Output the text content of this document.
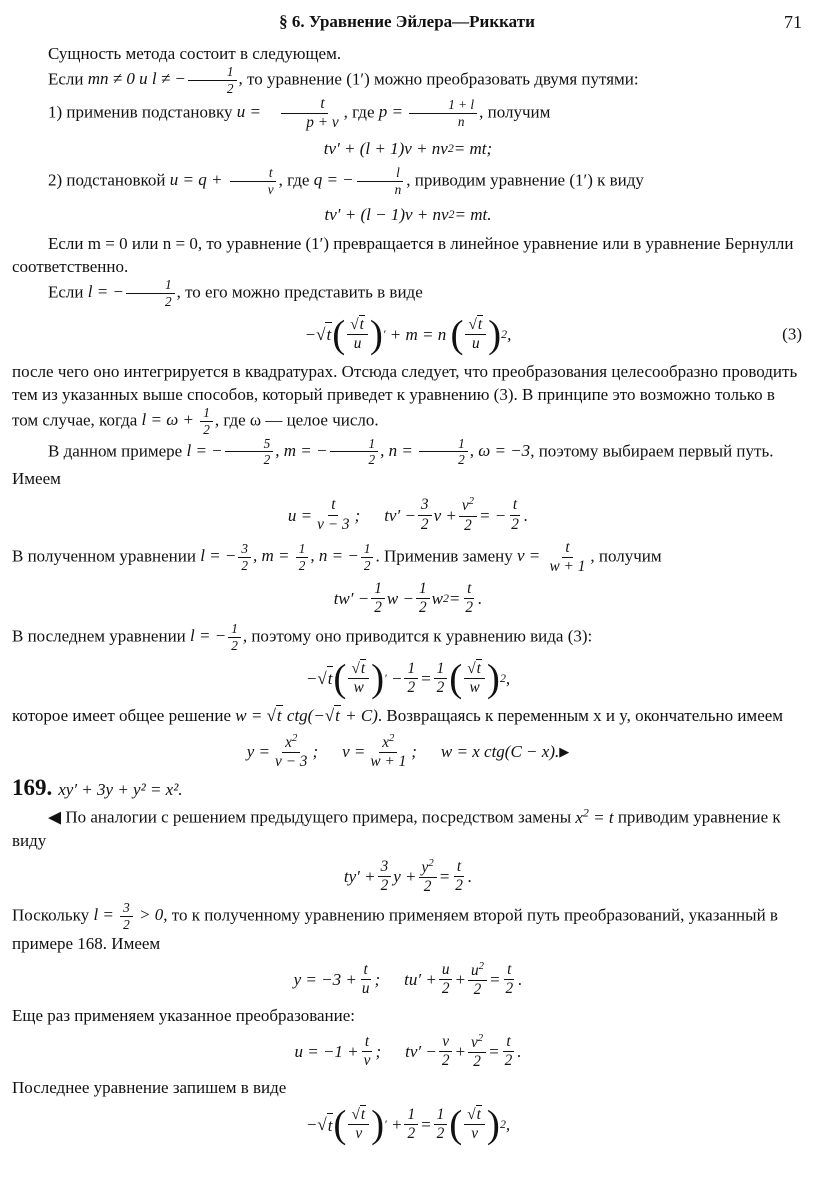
§ 6. Уравнение Эйлера—Риккати	71

Сущность метода состоит в следующем.

Если mn ≠ 0 и l ≠ − $\frac{1}{2}$ , то уравнение (1′) можно преобразовать двумя путями:

1) применив подстановку $u = \frac{t}{p + v}$ , где $p = \frac{1 + l}{n}$ , получим

tv′ + (l + 1)v + nv 2 = mt;

2) подстановкой $u = q + \frac{t}{v}$ , где q = − $\frac{l}{n}$ , приводим уравнение (1′) к виду

tv′ + (l − 1)v + nv 2 = mt.

Если m = 0 или n = 0, то уравнение (1′) превращается в линейное уравнение или в уравнение Бернулли соответственно.

Если l = − $\frac{1}{2}$ , то его можно представить в виде

− √ t ( $\frac{√t}{u}$ ) ′ + m = n ( $\frac{√t}{u}$ ) 2 ,	(3)

после чего оно интегрируется в квадратурах. Отсюда следует, что преобразования целесообразно проводить тем из указанных выше способов, который приведет к уравнению (3). В принципе это возможно только в том случае, когда $l = \omega + \frac{1}{2}$ , где ω — целое число.

В данном примере l = − $\frac{5}{2}$ , m = − $\frac{1}{2}$ , $n = \frac{1}{2}$ , ω = −3, поэтому выбираем первый путь. Имеем

$u = \frac{t}{v - 3}$ ;
$tv' - \frac{3}{2}$ $v + \frac{v^2}{2}$ = − $\frac{t}{2}$ .

В полученном уравнении l = − $\frac{3}{2}$ , $m = \frac{1}{2}$ , n = − $\frac{1}{2}$ . Применив замену $v = \frac{t}{w + 1}$ , получим

$tw' - \frac{1}{2}$ $w - \frac{1}{2}$ w $2 = \frac{t}{2}$ .

В последнем уравнении l = − $\frac{1}{2}$ , поэтому оно приводится к уравнению вида (3):

− √ t ( $\frac{√t}{w}$ ) ′ − $\frac{1}{2} = \frac{1}{2}$ ( $\frac{√t}{w}$ ) 2 ,

которое имеет общее решение w = √t ctg(−√t + C). Возвращаясь к переменным x и y, окончательно имеем

$y = \frac{x^2}{v - 3}$ ;
$v = \frac{x^2}{w + 1}$ ;
w = x ctg(C − x). ▶

169. xy′ + 3y + y² = x².

◀ По аналогии с решением предыдущего примера, посредством замены $x^2 = t$ приводим уравнение к виду

$ty' + \frac{3}{2}$ $y + \frac{y^2}{2} = \frac{t}{2}$ .

Поскольку $l = \frac{3}{2} > 0$, то к полученному уравнению применяем второй путь преобразований, указанный в примере 168. Имеем

$y = -3 + \frac{t}{u}$ ;
$tu' + \frac{u}{2} + \frac{u^2}{2} = \frac{t}{2}$ .

Еще раз применяем указанное преобразование:

$u = -1 + \frac{t}{v}$ ;
$tv' - \frac{v}{2} + \frac{v^2}{2} = \frac{t}{2}$ .

Последнее уравнение запишем в виде

− √ t ( $\frac{√t}{v}$ ) ′ + $\frac{1}{2} = \frac{1}{2}$ ( $\frac{√t}{v}$ ) 2 ,
